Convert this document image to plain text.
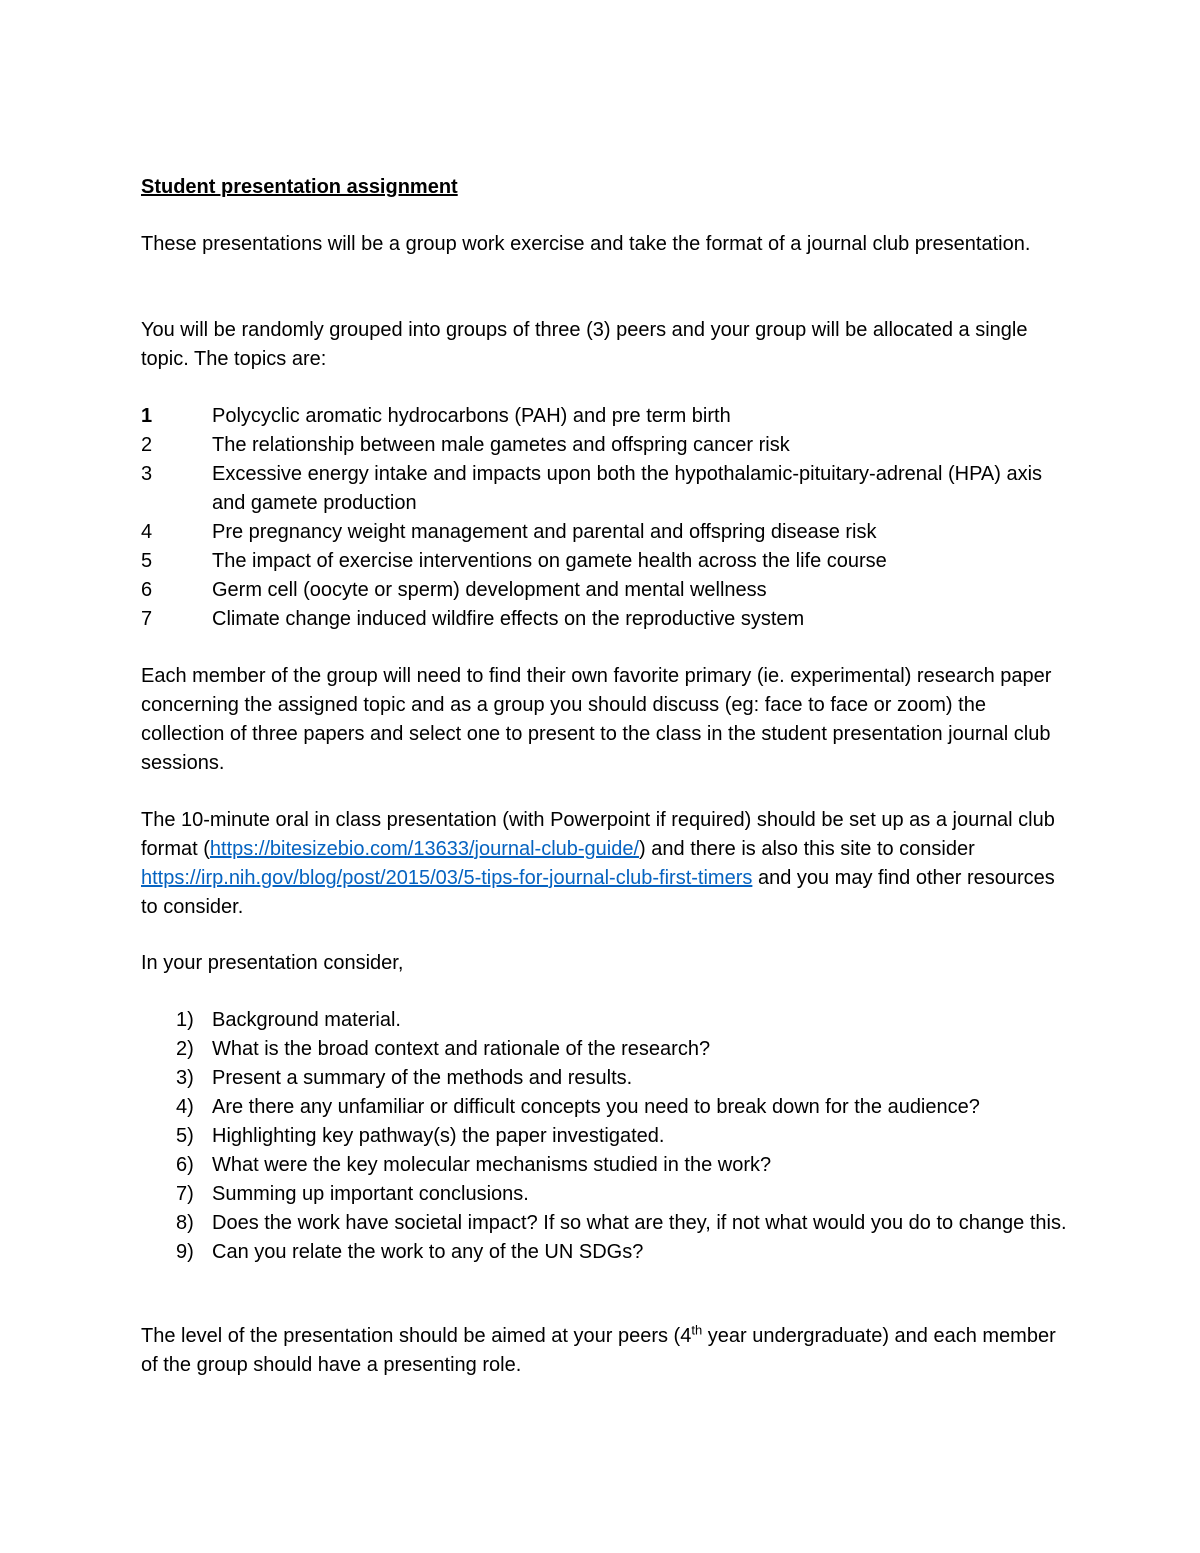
Student presentation assignment
These presentations will be a group work exercise and take the format of a journal club presentation.
You will be randomly grouped into groups of three (3) peers and your group will be allocated a single topic. The topics are:
1	Polycyclic aromatic hydrocarbons (PAH) and pre term birth
2	The relationship between male gametes and offspring cancer risk
3	Excessive energy intake and impacts upon both the hypothalamic-pituitary-adrenal (HPA) axis and gamete production
4	Pre pregnancy weight management and parental and offspring disease risk
5	The impact of exercise interventions on gamete health across the life course
6	Germ cell (oocyte or sperm) development and mental wellness
7	Climate change induced wildfire effects on the reproductive system
Each member of the group will need to find their own favorite primary (ie. experimental) research paper concerning the assigned topic and as a group you should discuss (eg: face to face or zoom) the collection of three papers and select one to present to the class in the student presentation journal club sessions.
The 10-minute oral in class presentation (with Powerpoint if required) should be set up as a journal club format (https://bitesizebio.com/13633/journal-club-guide/) and there is also this site to consider https://irp.nih.gov/blog/post/2015/03/5-tips-for-journal-club-first-timers and you may find other resources to consider.
In your presentation consider,
1) Background material.
2) What is the broad context and rationale of the research?
3) Present a summary of the methods and results.
4) Are there any unfamiliar or difficult concepts you need to break down for the audience?
5) Highlighting key pathway(s) the paper investigated.
6) What were the key molecular mechanisms studied in the work?
7) Summing up important conclusions.
8) Does the work have societal impact? If so what are they, if not what would you do to change this.
9) Can you relate the work to any of the UN SDGs?
The level of the presentation should be aimed at your peers (4th year undergraduate) and each member of the group should have a presenting role.
